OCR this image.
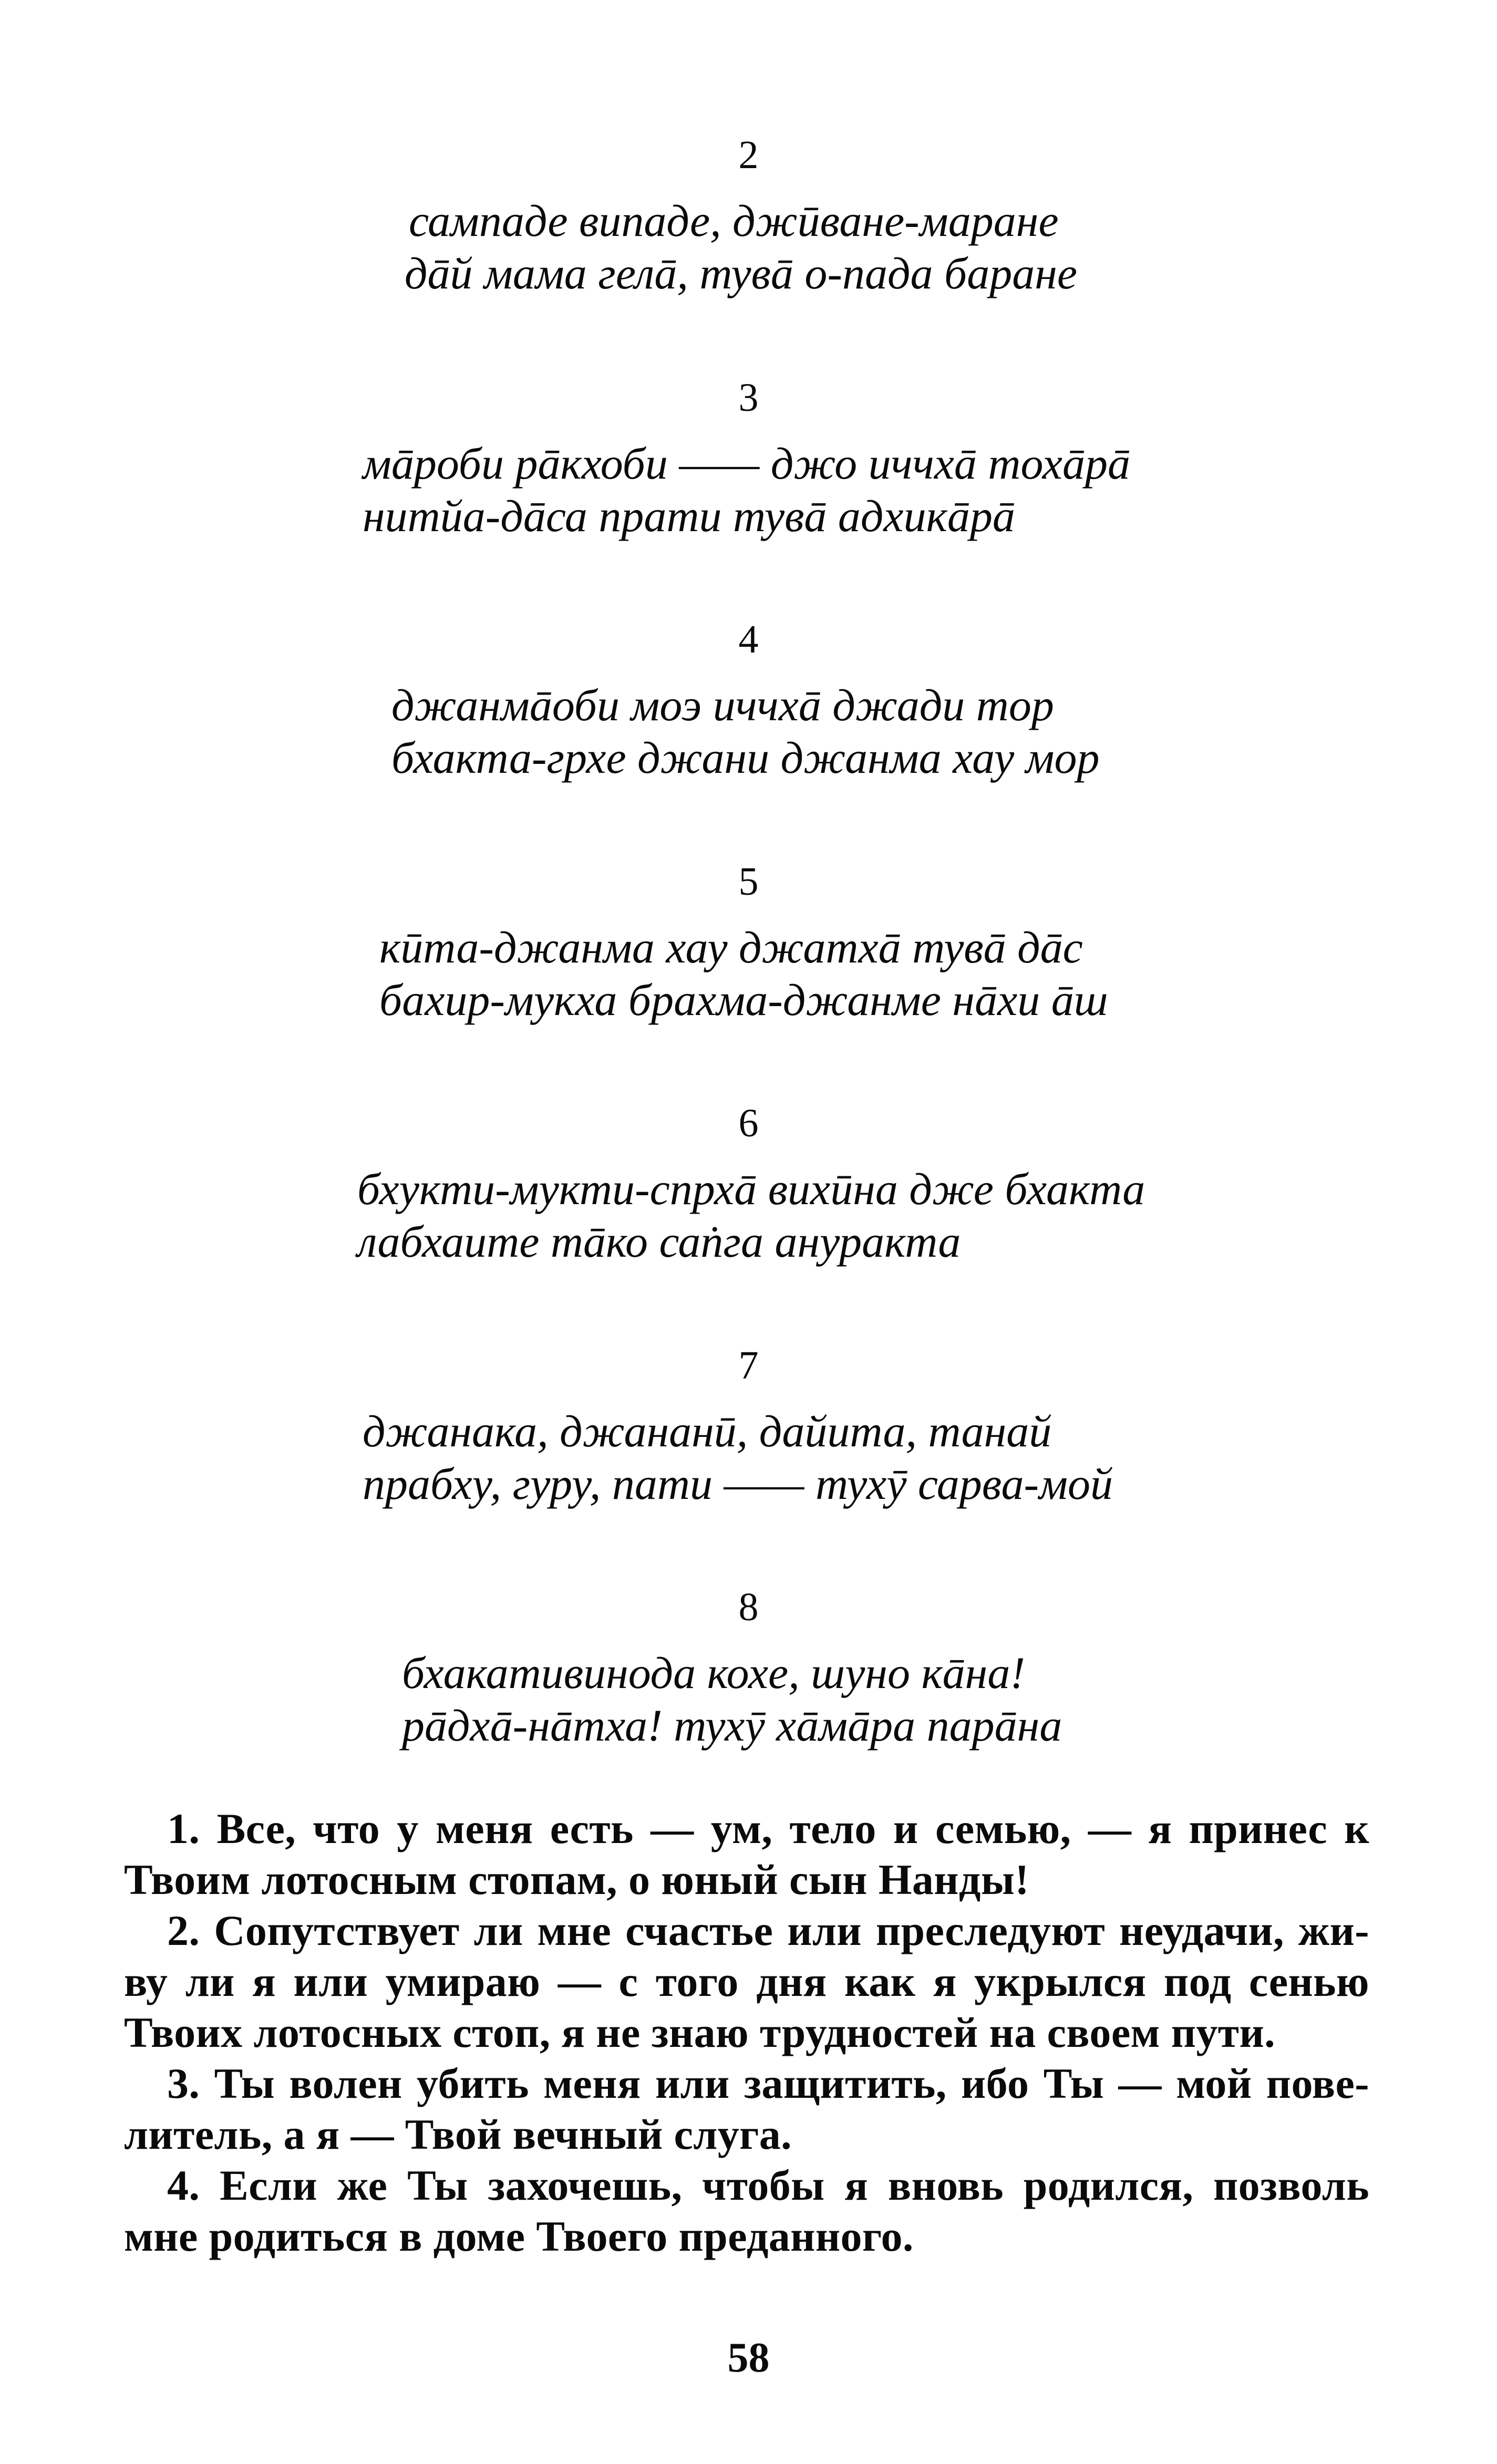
2
сампаде випаде, джӣване-маране
дāй мама гелā, тувā о-пада баране
3
мāроби рāкхоби —— джо иччхā тохāрā
нитйа-дāса прати тувā адхикāрā
4
джанмāоби моэ иччхā джади тор
бхакта-грхе джани джанма хау мор
5
кӣта-джанма хау джатхā тувā дāс
бахир-мукха брахма-джанме нāхи āш
6
бхукти-мукти-спрхā вихӣна дже бхакта
лабхаите тāко саṅга ануракта
7
джанака, джананӣ, дайита, танай
прабху, гуру, пати —— тухӯ сарва-мой
8
бхакативинода кохе, шуно кāна!
рāдхā-нāтха! тухӯ хāмāра парāна
1. Все, что у меня есть — ум, тело и семью, — я принес к
Твоим лотосным стопам, о юный сын Нанды!
2. Сопутствует ли мне счастье или преследуют неудачи, жи-
ву ли я или умираю — с того дня как я укрылся под сенью
Твоих лотосных стоп, я не знаю трудностей на своем пути.
3. Ты волен убить меня или защитить, ибо Ты — мой пове-
литель, а я — Твой вечный слуга.
4. Если же Ты захочешь, чтобы я вновь родился, позволь
мне родиться в доме Твоего преданного.
58
